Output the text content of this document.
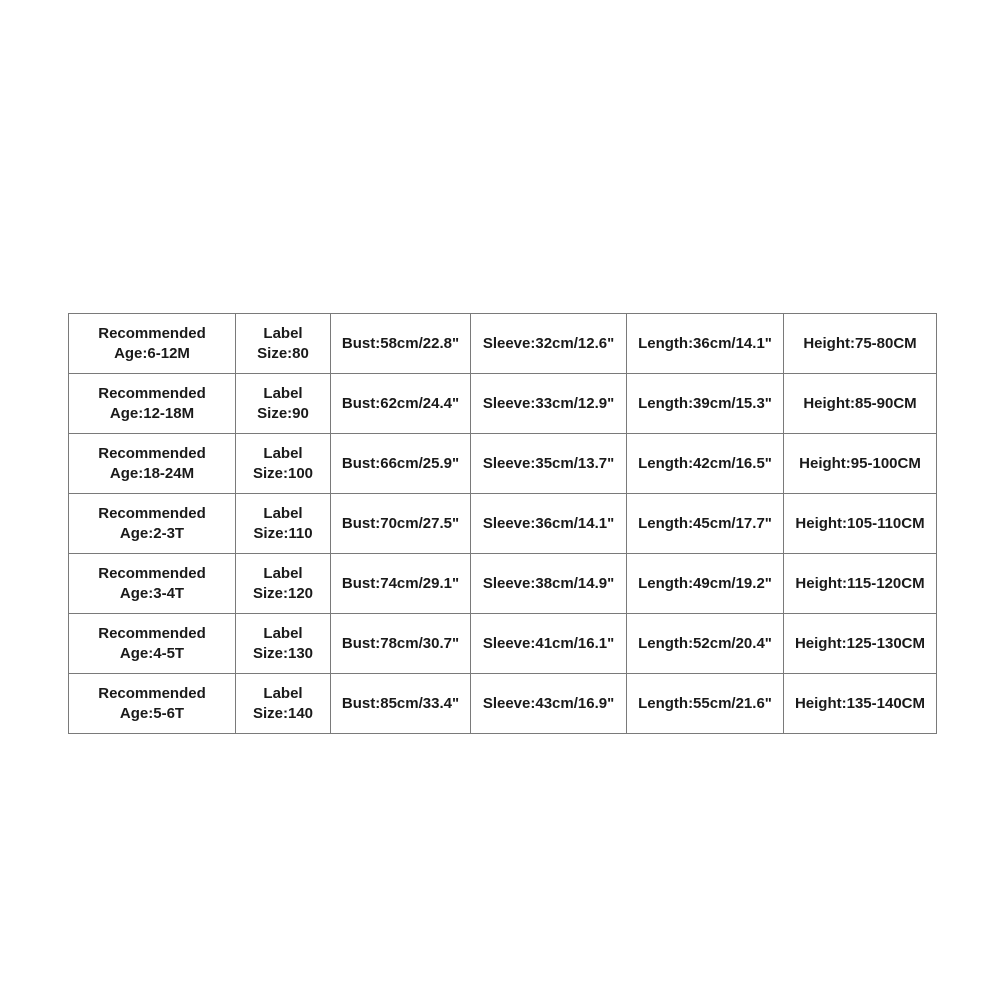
Recommended
Age:6-12M	Label
Size:80	Bust:58cm/22.8"	Sleeve:32cm/12.6"	Length:36cm/14.1"	Height:75-80CM

Recommended
Age:12-18M	Label
Size:90	Bust:62cm/24.4"	Sleeve:33cm/12.9"	Length:39cm/15.3"	Height:85-90CM

Recommended
Age:18-24M	Label
Size:100	Bust:66cm/25.9"	Sleeve:35cm/13.7"	Length:42cm/16.5"	Height:95-100CM

Recommended
Age:2-3T	Label
Size:110	Bust:70cm/27.5"	Sleeve:36cm/14.1"	Length:45cm/17.7"	Height:105-110CM

Recommended
Age:3-4T	Label
Size:120	Bust:74cm/29.1"	Sleeve:38cm/14.9"	Length:49cm/19.2"	Height:115-120CM

Recommended
Age:4-5T	Label
Size:130	Bust:78cm/30.7"	Sleeve:41cm/16.1"	Length:52cm/20.4"	Height:125-130CM

Recommended
Age:5-6T	Label
Size:140	Bust:85cm/33.4"	Sleeve:43cm/16.9"	Length:55cm/21.6"	Height:135-140CM
